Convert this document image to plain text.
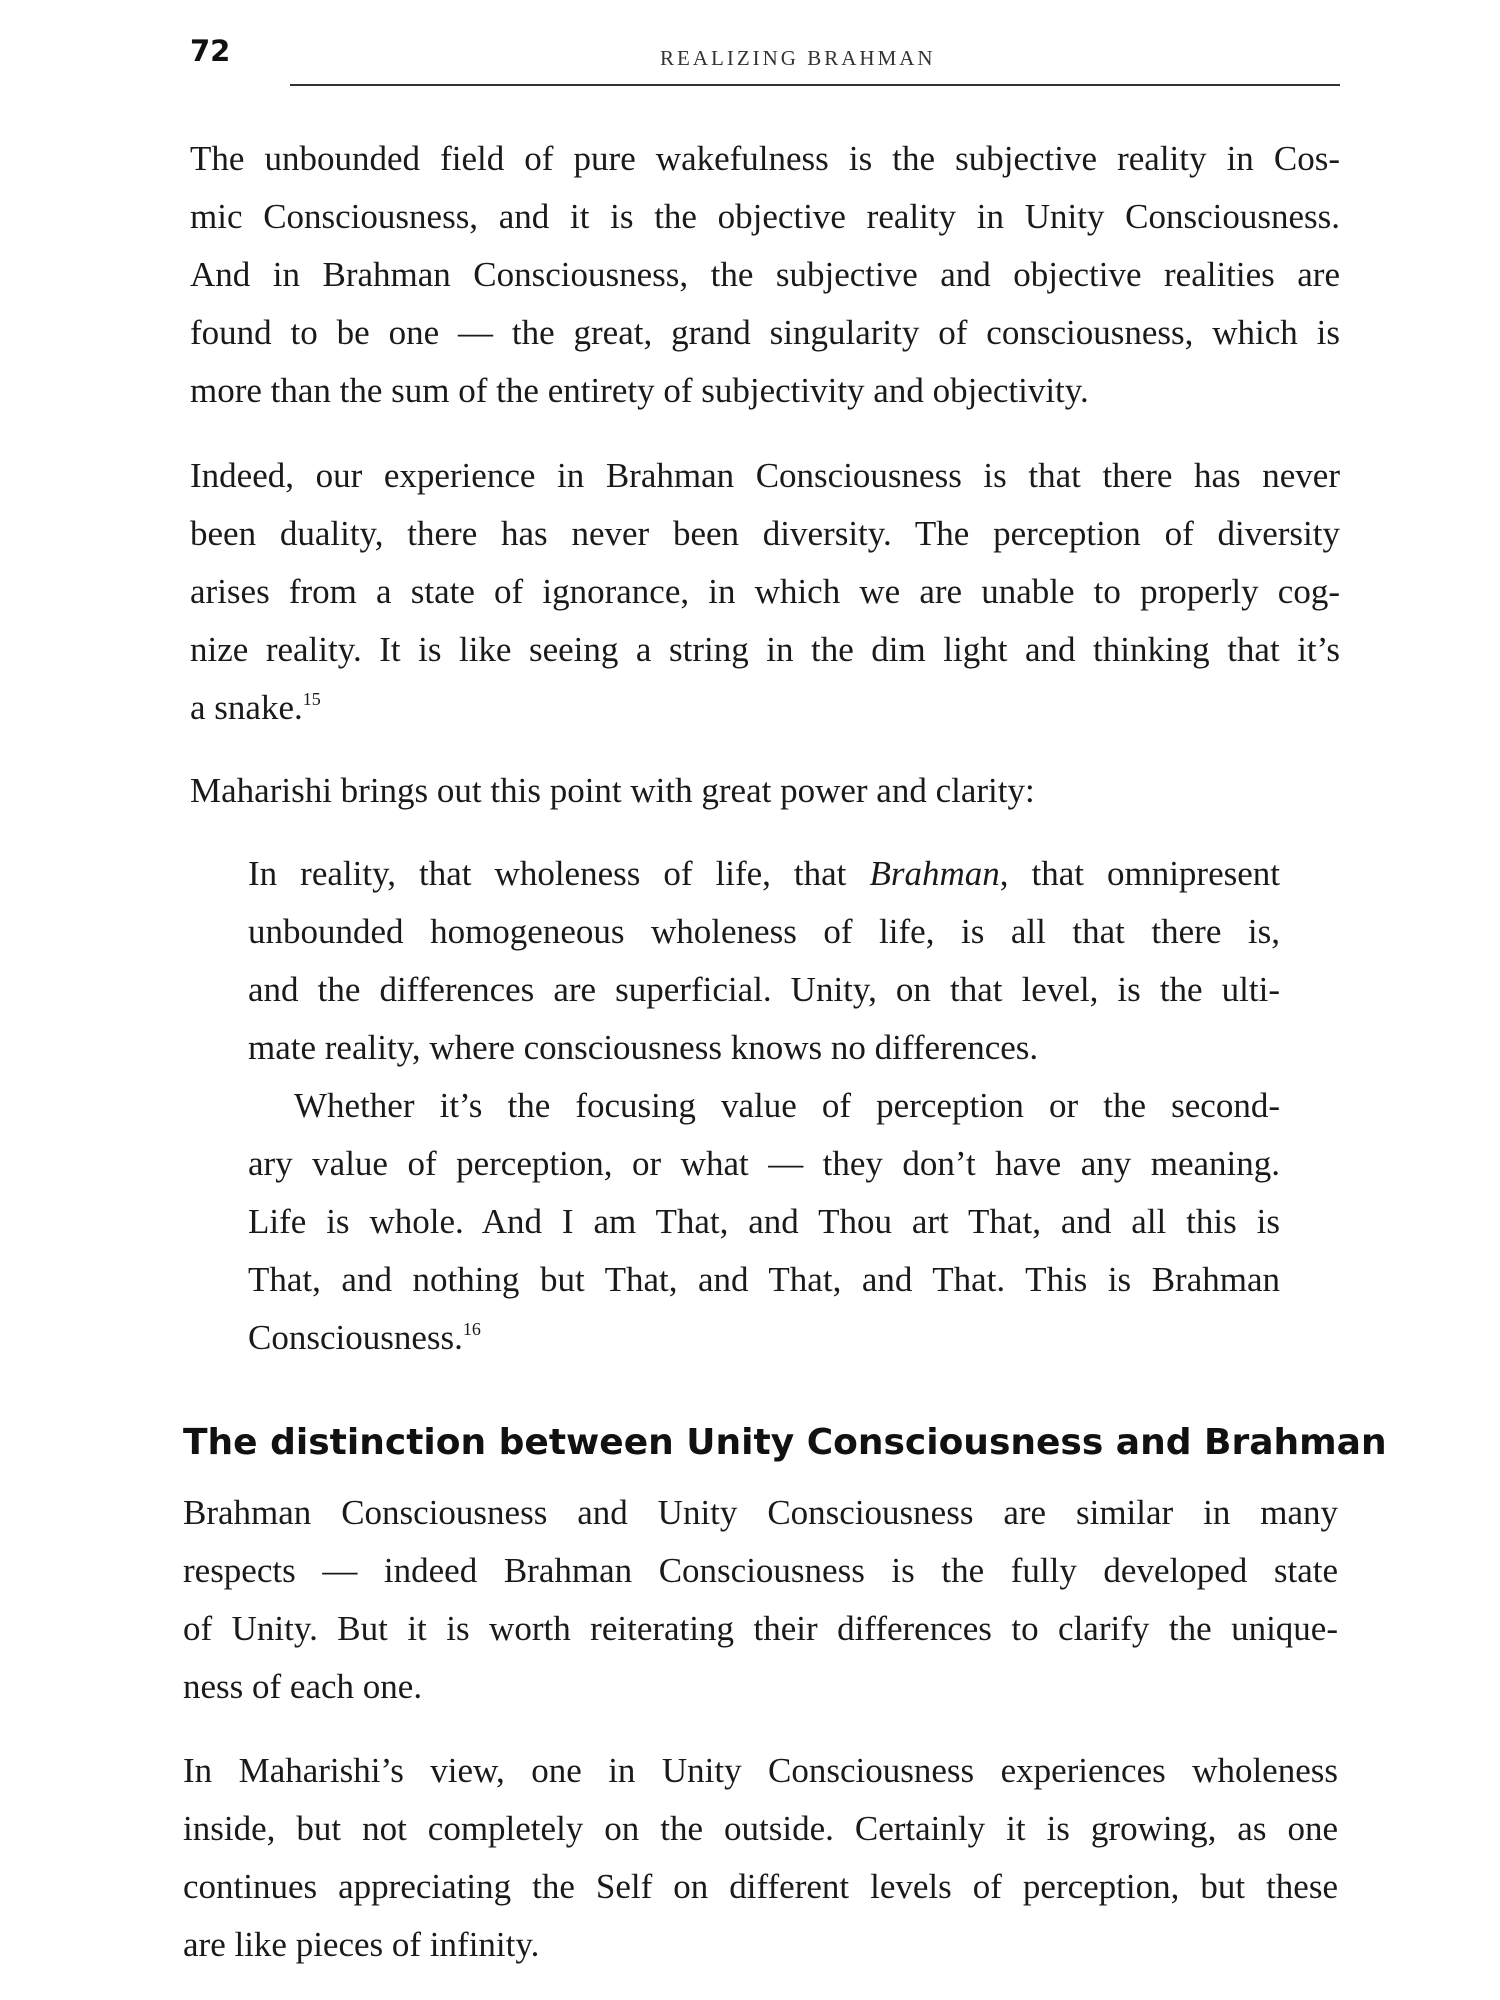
72	REALIZING BRAHMAN
The unbounded field of pure wakefulness is the subjective reality in Cos-
mic Consciousness, and it is the objective reality in Unity Consciousness.
And in Brahman Consciousness, the subjective and objective realities are
found to be one — the great, grand singularity of consciousness, which is
more than the sum of the entirety of subjectivity and objectivity.
Indeed, our experience in Brahman Consciousness is that there has never
been duality, there has never been diversity. The perception of diversity
arises from a state of ignorance, in which we are unable to properly cog-
nize reality. It is like seeing a string in the dim light and thinking that it’s
a snake.$^{15}$
Maharishi brings out this point with great power and clarity:
In reality, that wholeness of life, that Brahman, that omnipresent
unbounded homogeneous wholeness of life, is all that there is,
and the differences are superficial. Unity, on that level, is the ulti-
mate reality, where consciousness knows no differences.
Whether it’s the focusing value of perception or the second-
ary value of perception, or what — they don’t have any meaning.
Life is whole. And I am That, and Thou art That, and all this is
That, and nothing but That, and That, and That. This is Brahman
Consciousness.$^{16}$
The distinction between Unity Consciousness and Brahman
Brahman Consciousness and Unity Consciousness are similar in many
respects — indeed Brahman Consciousness is the fully developed state
of Unity. But it is worth reiterating their differences to clarify the unique-
ness of each one.
In Maharishi’s view, one in Unity Consciousness experiences wholeness
inside, but not completely on the outside. Certainly it is growing, as one
continues appreciating the Self on different levels of perception, but these
are like pieces of infinity.
